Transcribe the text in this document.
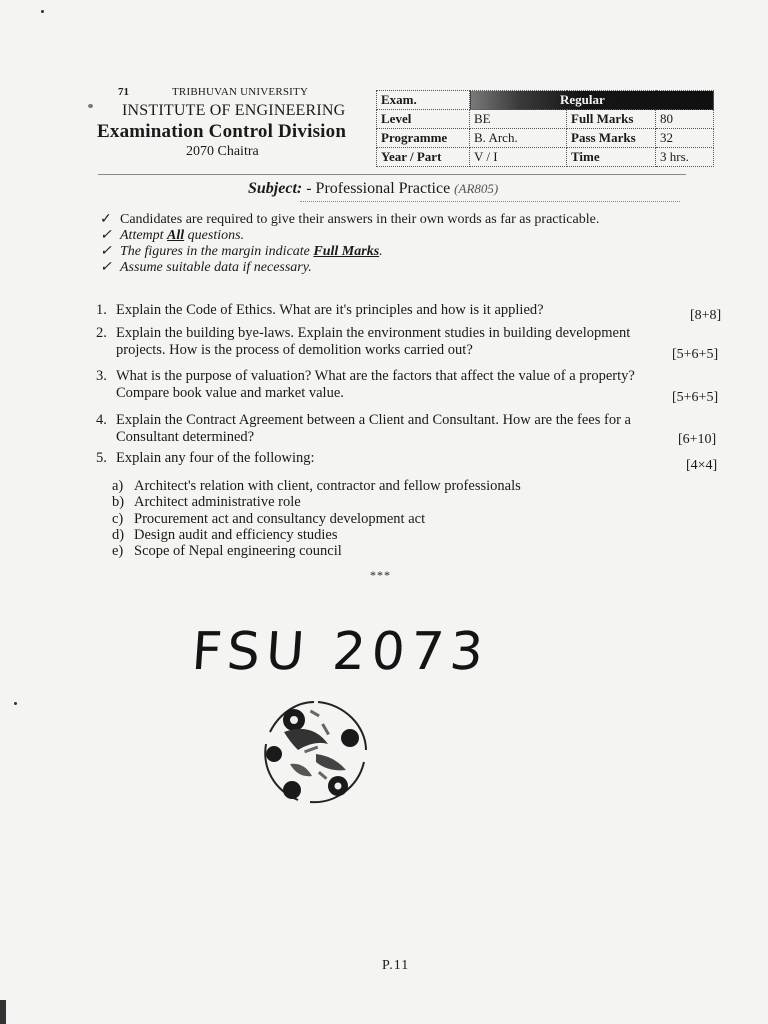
71	TRIBHUVAN UNIVERSITY
INSTITUTE OF ENGINEERING
Examination Control Division
2070 Chaitra
Exam.	Regular		
Level	BE	Full Marks	80
Programme	B. Arch.	Pass Marks	32
Year / Part	V / I	Time	3 hrs.
Subject: - Professional Practice (AR805)
✓ Candidates are required to give their answers in their own words as far as practicable.
✓ Attempt All questions.
✓ The figures in the margin indicate Full Marks.
✓ Assume suitable data if necessary.
1. Explain the Code of Ethics. What are it's principles and how is it applied?	[8+8]
2. Explain the building bye-laws. Explain the environment studies in building development
projects. How is the process of demolition works carried out?	[5+6+5]
3. What is the purpose of valuation? What are the factors that affect the value of a property?
Compare book value and market value.	[5+6+5]
4. Explain the Contract Agreement between a Client and Consultant. How are the fees for a
Consultant determined?	[6+10]
5. Explain any four of the following:	[4×4]
a) Architect's relation with client, contractor and fellow professionals
b) Architect administrative role
c) Procurement act and consultancy development act
d) Design audit and efficiency studies
e) Scope of Nepal engineering council
***
FSU 2073
P.11
